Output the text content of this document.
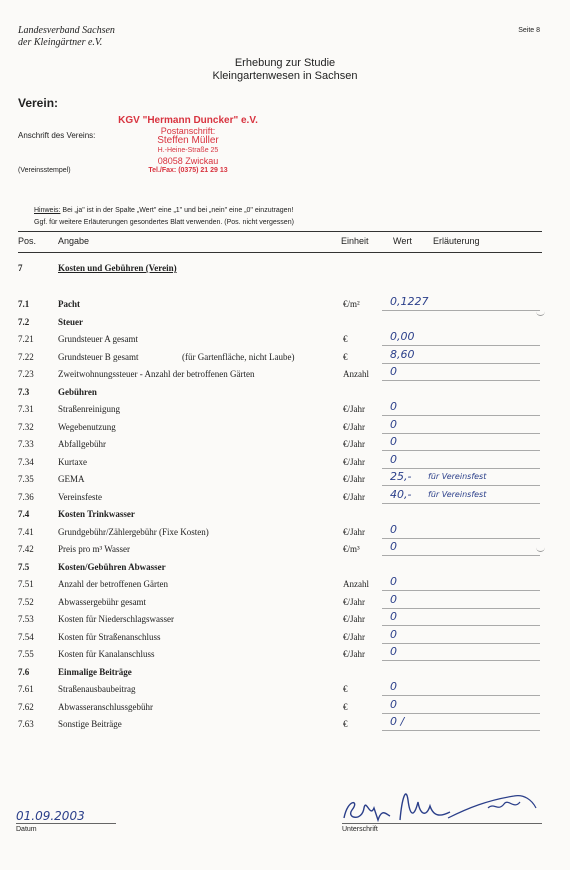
Landesverband Sachsen
der Kleingärtner e.V.
Seite 8
Erhebung zur Studie
Kleingartenwesen in Sachsen
Verein:
Anschrift des Vereins:
(Vereinsstempel)
KGV "Hermann Duncker" e.V.
Postanschrift:
Steffen Müller
H.-Heine-Straße 25
08058 Zwickau
Tel./Fax: (0375) 21 29 13
Hinweis: Bei „ja" ist in der Spalte „Wert" eine „1" und bei „nein" eine „0" einzutragen!
Ggf. für weitere Erläuterungen gesondertes Blatt verwenden. (Pos. nicht vergessen)
Pos. Angabe	Einheit	Wert Erläuterung
7	Kosten und Gebühren (Verein)
7.1	Pacht	€/m²	0,1227
7.2	Steuer
7.21	Grundsteuer A gesamt	€	0,00
7.22	Grundsteuer B gesamt	(für Gartenfläche, nicht Laube)	€	8,60
7.23	Zweitwohnungssteuer - Anzahl der betroffenen Gärten	Anzahl 0
7.3	Gebühren
7.31	Straßenreinigung	€/Jahr 0
7.32	Wegebenutzung	€/Jahr 0
7.33	Abfallgebühr	€/Jahr 0
7.34	Kurtaxe	€/Jahr 0
7.35	GEMA	€/Jahr 25,- für Vereinsfest
7.36	Vereinsfeste	€/Jahr 40,- für Vereinsfest
7.4	Kosten Trinkwasser
7.41	Grundgebühr/Zählergebühr (Fixe Kosten)	€/Jahr 0
7.42	Preis pro m³ Wasser	€/m³	0
7.5	Kosten/Gebühren Abwasser
7.51	Anzahl der betroffenen Gärten	Anzahl 0
7.52	Abwassergebühr gesamt	€/Jahr 0
7.53	Kosten für Niederschlagswasser	€/Jahr 0
7.54	Kosten für Straßenanschluss	€/Jahr 0
7.55	Kosten für Kanalanschluss	€/Jahr 0
7.6	Einmalige Beiträge
7.61	Straßenausbaubeitrag	€	0
7.62	Abwasseranschlussgebühr	€	0
7.63	Sonstige Beiträge	€	0 /
01.09.2003
Datum	Unterschrift
